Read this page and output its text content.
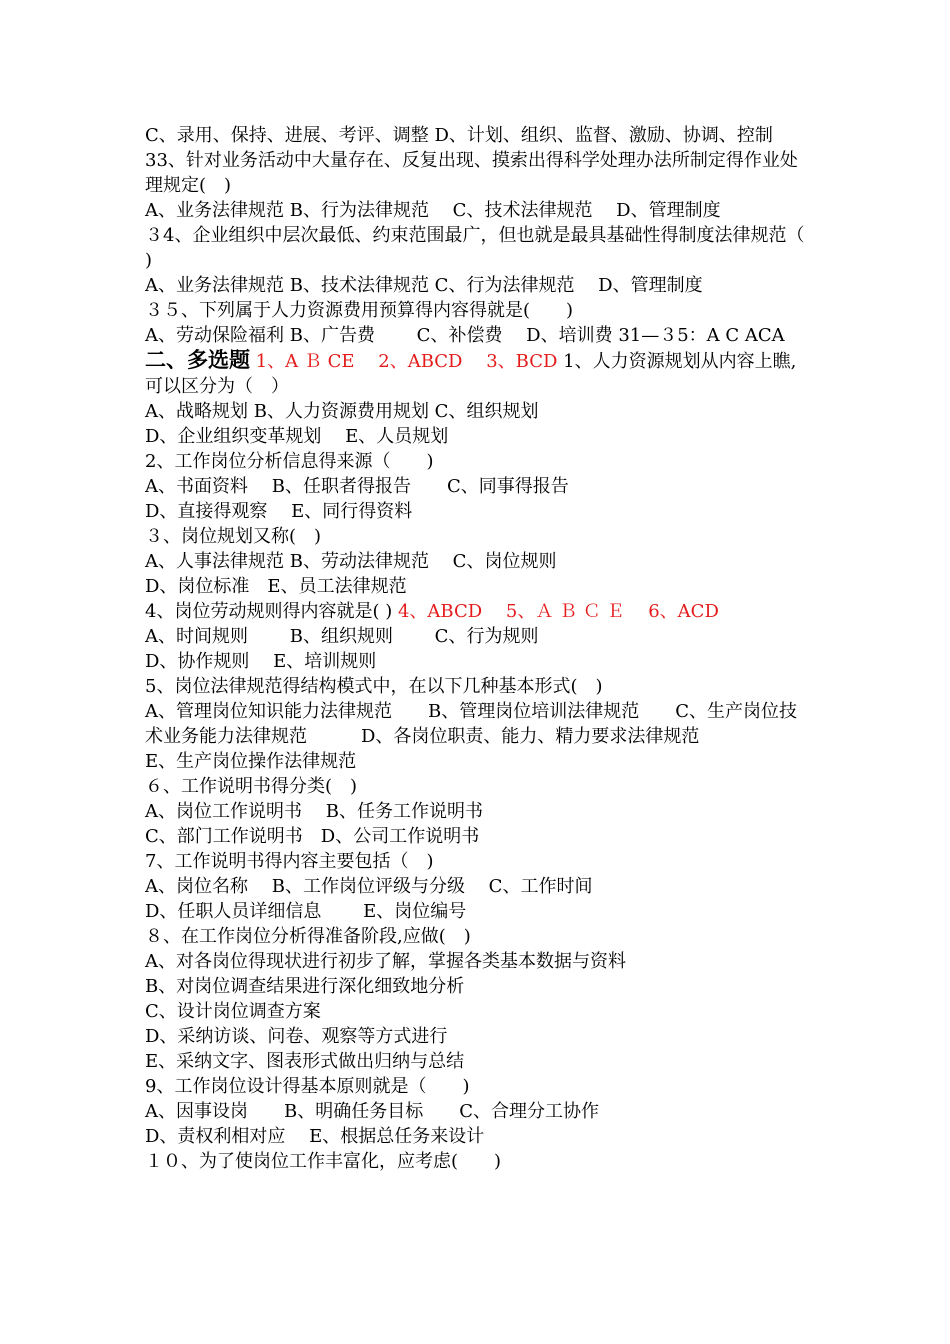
C、录用、保持、进展、考评、调整 D、计划、组织、监督、激励、协调、控制
33、针对业务活动中大量存在、反复出现、摸索出得科学处理办法所制定得作业处理规定(　)
A、业务法律规范 B、行为法律规范 　C、技术法律规范 　D、管理制度
３4、企业组织中层次最低、约束范围最广，但也就是最具基础性得制度法律规范（　　)
A、业务法律规范 B、技术法律规范 C、行为法律规范 　D、管理制度
３５、下列属于人力资源费用预算得内容得就是(　　)
A、劳动保险福利 B、广告费　　 C、补偿费 　D、培训费 31—３5：A C ACA
二、多选题 1、A Ｂ CE　 2、ABCD　 3、BCD 1、人力资源规划从内容上瞧,可以区分为（　）
A、战略规划 B、人力资源费用规划 C、组织规划
D、企业组织变革规划　 E、人员规划
2、工作岗位分析信息得来源（　　)
A、书面资料　 B、任职者得报告　　C、同事得报告
D、直接得观察　 E、同行得资料
３、岗位规划又称(　)
A、人事法律规范 B、劳动法律规范　 C、岗位规则
D、岗位标准　E、员工法律规范
4、岗位劳动规则得内容就是( ) 4、ABCD　 5、Ａ Ｂ Ｃ Ｅ　 6、ACD
A、时间规则　　 B、组织规则　　 C、行为规则
D、协作规则　 E、培训规则
5、岗位法律规范得结构模式中，在以下几种基本形式(　)
A、管理岗位知识能力法律规范　　B、管理岗位培训法律规范　　C、生产岗位技术业务能力法律规范　　　D、各岗位职责、能力、精力要求法律规范
E、生产岗位操作法律规范
６、工作说明书得分类(　)
A、岗位工作说明书　 B、任务工作说明书
C、部门工作说明书　D、公司工作说明书
7、工作说明书得内容主要包括（　)
A、岗位名称　 B、工作岗位评级与分级　 C、工作时间
D、任职人员详细信息　　 E、岗位编号
８、在工作岗位分析得准备阶段,应做(　)
A、对各岗位得现状进行初步了解，掌握各类基本数据与资料
B、对岗位调查结果进行深化细致地分析
C、设计岗位调查方案
D、采纳访谈、问卷、观察等方式进行
E、采纳文字、图表形式做出归纳与总结
9、工作岗位设计得基本原则就是（　　)
A、因事设岗　　B、明确任务目标　　C、合理分工协作
D、责权利相对应　 E、根据总任务来设计
１０、为了使岗位工作丰富化，应考虑(　　)
